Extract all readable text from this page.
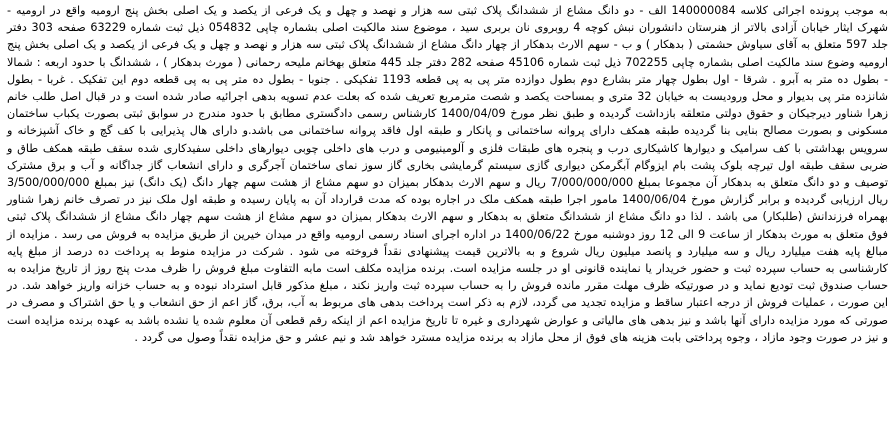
به موجب پرونده اجرائی کلاسه 140000084 الف - دو دانگ مشاع از ششدانگ پلاک ثبتی سه هزار و نهصد و چهل و یک فرعی از یکصد و یک اصلی بخش پنج ارومیه واقع در ارومیه - شهرک ایثار خیابان آزادی بالاتر از هنرستان دانشوران نبش کوچه 4 روبروی نان بربری سید ، موضوع سند مالکیت اصلی بشماره چاپی 054832 ذیل ثبت شماره 63229 صفحه 303 دفتر جلد 597 متعلق به آقای سیاوش حشمتی ( بدهکار ) و ب - سهم الارث بدهکار از چهار دانگ مشاع از ششدانگ پلاک ثبتی سه هزار و نهصد و چهل و یک فرعی از یکصد و یک اصلی بخش پنج ارومیه وضوع سند مالکیت اصلی بشماره چاپی 702255 ذیل ثبت شماره 45106 صفحه 282 دفتر جلد 445 متعلق بهخانم ملیحه رحمانی ( مورث بدهکار ) ، ششدانگ با حدود اربعه : شمالا - بطول ده متر به آبرو . شرقا - اول بطول چهار متر بشارع دوم بطول دوازده متر پی به پی قطعه 1193 تفکیکی . جنوبا - بطول ده متر پی به پی قطعه دوم این تفکیک . غربا - بطول شانزده متر پی بدیوار و محل ورودیست به خیابان 32 متری و بمساحت یکصد و شصت مترمربع تعریف شده که بعلت عدم تسویه بدهی اجرائیه صادر شده است و در قبال اصل طلب خانم زهرا شناور دیرجیکان و حقوق دولتی متعلقه بازداشت گردیده و طبق نظر مورخ 1400/04/09 کارشناس رسمی دادگستری مطابق با حدود مندرج در سوابق ثبتی بصورت یکباب ساختمان مسکونی و بصورت مصالح بنایی بنا گردیده طبقه همکف دارای پروانه ساختمانی و پانکار و طبقه اول فاقد پروانه ساختمانی می باشد.و دارای هال پذیرایی با کف گچ و خاک آشپزخانه و سرویس بهداشتی با کف سرامیک و دیوارها کاشیکاری درب و پنجره های طبقات فلزی و آلومینیومی و درب های داخلی چوبی دیوارهای داخلی سفیدکاری شده سقف طبقه همکف طاق و ضربی سقف طبقه اول تیرچه بلوک پشت بام ایزوگام آبگرمکن دیواری گازی سیستم گرمایشی بخاری گاز سوز نمای ساختمان آجرگری و دارای انشعاب گاز جداگانه و آب و برق مشترک توصیف و دو دانگ متعلق به بدهکار آن مجموعا بمبلغ 7/000/000/000 ریال و سهم الارث بدهکار بمیزان دو سهم مشاع از هشت سهم چهار دانگ (یک دانگ) نیز بمبلغ 3/500/000/000 ریال ارزیابی گردیده و برابر گزارش مورخ 1400/06/04 مامور اجرا طبقه همکف ملک در اجاره بوده که مدت قرارداد آن به پایان رسیده و طبقه اول ملک نیز در تصرف خانم زهرا شناور بهمراه فرزندانش (طلبکار) می باشد . لذا دو دانگ مشاع از ششدانگ متعلق به بدهکار و سهم الارث بدهکار بمیزان دو سهم مشاع از هشت سهم چهار دانگ مشاع از ششدانگ پلاک ثبتی فوق متعلق به مورث بدهکار از ساعت 9 الی 12 روز دوشنبه مورخ 1400/06/22 در اداره اجرای اسناد رسمی ارومیه واقع در میدان خیرین از طریق مزایده به فروش می رسد . مزایده از مبالغ پایه هفت میلیارد ریال و سه میلیارد و پانصد میلیون ریال شروع و به بالاترین قیمت پیشنهادی نقداً فروخته می شود . شرکت در مزایده منوط به پرداخت ده درصد از مبلغ پایه کارشناسی به حساب سپرده ثبت و حضور خریدار یا نماینده قانونی او در جلسه مزایده است. برنده مزایده مکلف است مابه التفاوت مبلغ فروش را ظرف مدت پنج روز از تاریخ مزایده به حساب صندوق ثبت تودیع نماید و در صورتیکه ظرف مهلت مقرر مانده فروش را به حساب سپرده ثبت واریز نکند ، مبلغ مذکور قابل استرداد نبوده و به حساب خزانه واریز خواهد شد. در این صورت ، عملیات فروش از درجه اعتبار ساقط و مزایده تجدید می گردد، لازم به ذکر است پرداخت بدهی های مربوط به آب، برق، گاز اعم از حق انشعاب و یا حق اشتراک و مصرف در صورتی که مورد مزایده دارای آنها باشد و نیز بدهی های مالیاتی و عوارض شهرداری و غیره تا تاریخ مزایده اعم از اینکه رقم قطعی آن معلوم شده یا نشده باشد به عهده برنده مزایده است و نیز در صورت وجود مازاد ، وجوه پرداختی بابت هزینه های فوق از محل مازاد به برنده مزایده مسترد خواهد شد و نیم عشر و حق مزایده نقداً وصول می گردد .
